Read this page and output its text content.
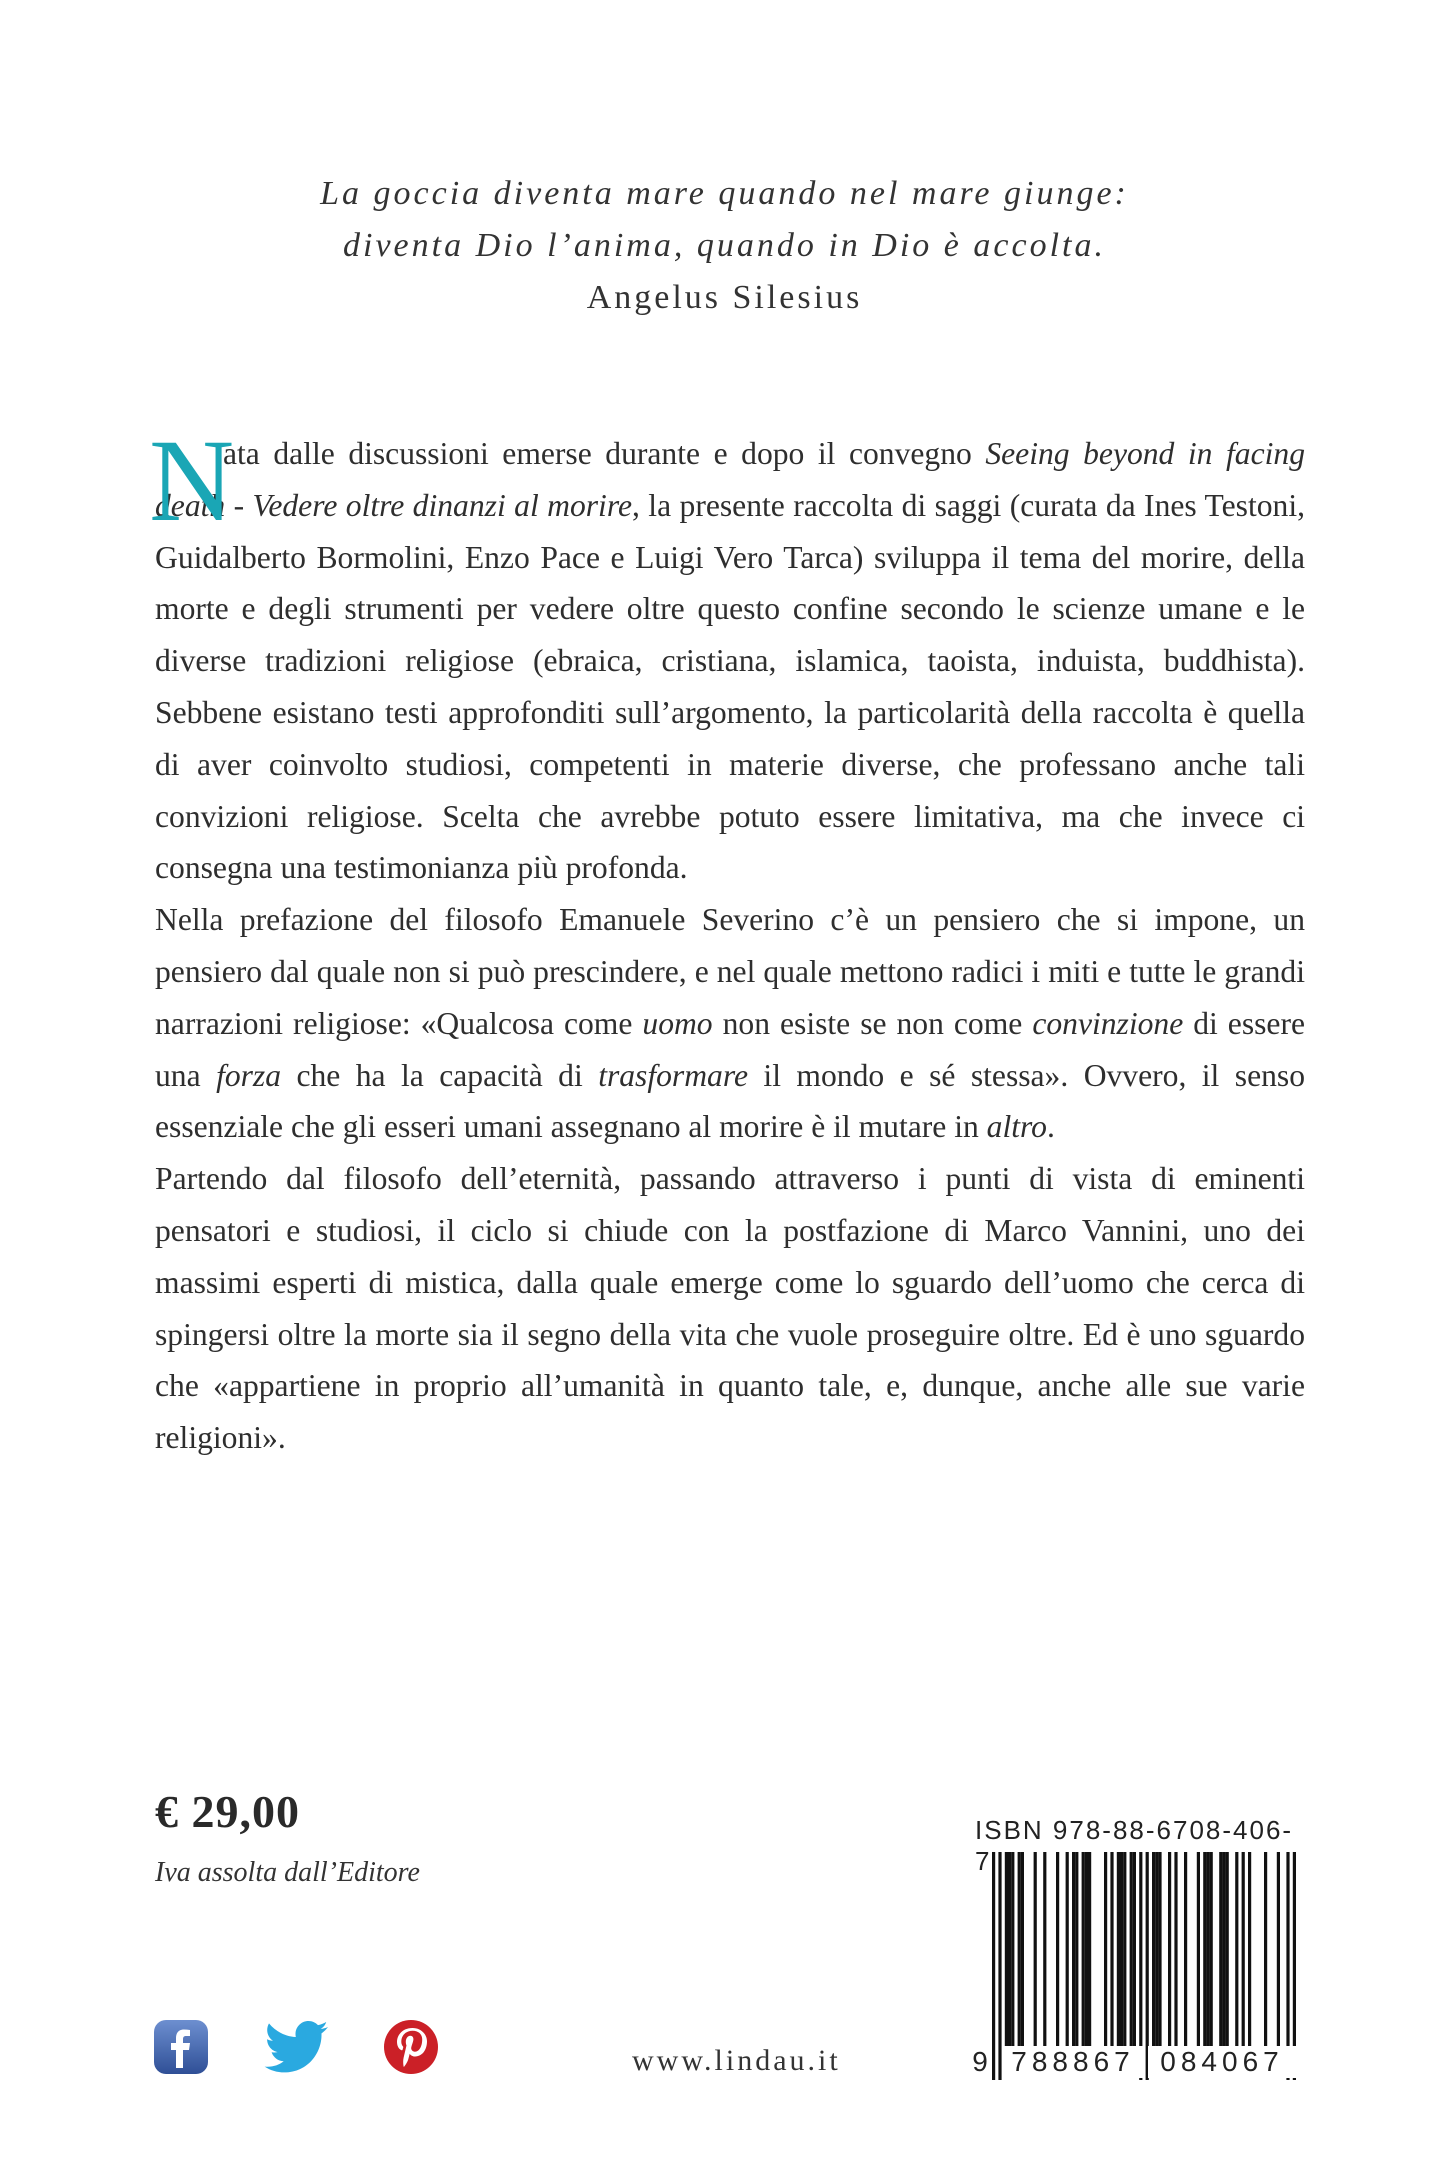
La goccia diventa mare quando nel mare giunge:
diventa Dio l’anima, quando in Dio è accolta.
Angelus Silesius

N
ata dalle discussioni emerse durante e dopo il convegno Seeing beyond in facing death - Vedere oltre dinanzi al morire, la presente raccolta di saggi (curata da Ines Testoni, Guidalberto Bormolini, Enzo Pace e Luigi Vero Tarca) sviluppa il tema del morire, della morte e degli strumenti per vedere oltre questo confine secondo le scienze umane e le diverse tradizioni religiose (ebraica, cristiana, islamica, taoista, induista, buddhista). Sebbene esistano testi approfonditi sull’argomento, la particolarità della raccolta è quella di aver coinvolto studiosi, competenti in materie diverse, che professano anche tali convizioni religiose. Scelta che avrebbe potuto essere limitativa, ma che invece ci consegna una testimonianza più profonda.

Nella prefazione del filosofo Emanuele Severino c’è un pensiero che si impone, un pensiero dal quale non si può prescindere, e nel quale mettono radici i miti e tutte le grandi narrazioni religiose: «Qualcosa come uomo non esiste se non come convinzione di essere una forza che ha la capacità di trasformare il mondo e sé stessa». Ovvero, il senso essenziale che gli esseri umani assegnano al morire è il mutare in altro.

Partendo dal filosofo dell’eternità, passando attraverso i punti di vista di eminenti pensatori e studiosi, il ciclo si chiude con la postfazione di Marco Vannini, uno dei massimi esperti di mistica, dalla quale emerge come lo sguardo dell’uomo che cerca di spingersi oltre la morte sia il segno della vita che vuole proseguire oltre. Ed è uno sguardo che «appartiene in proprio all’umanità in quanto tale, e, dunque, anche alle sue varie religioni».

€ 29,00
Iva assolta dall’Editore
ISBN 978-88-6708-406-7
9 788867 084067
www.lindau.it
